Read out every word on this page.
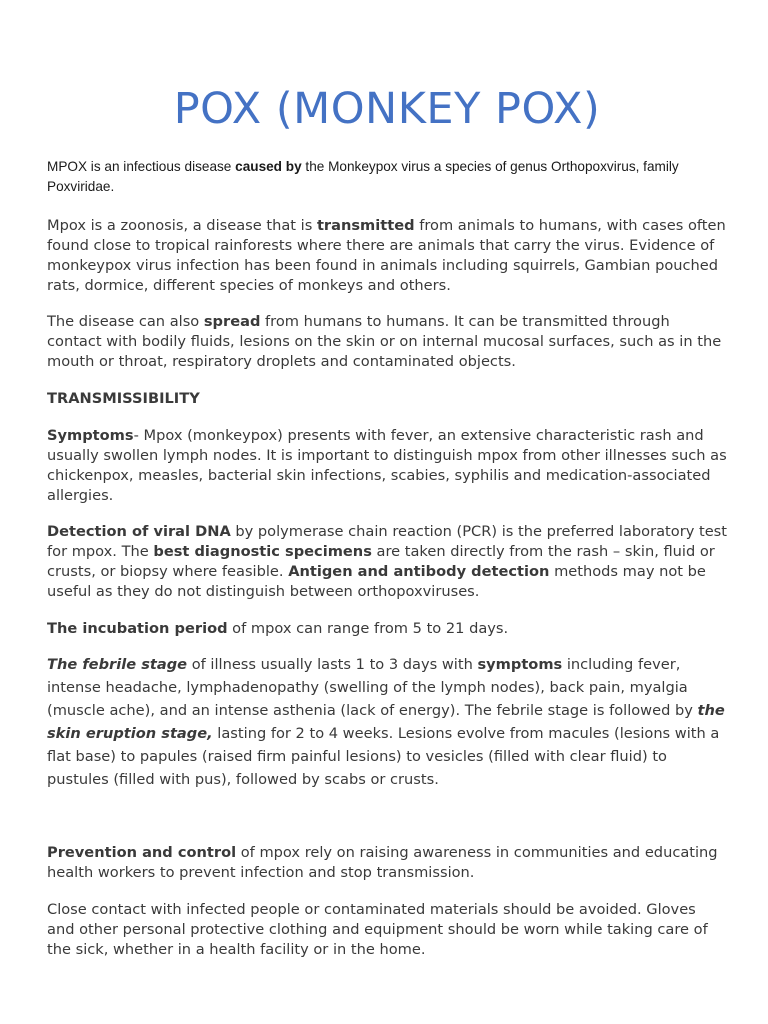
POX (MONKEY POX)

MPOX is an infectious disease caused by the Monkeypox virus a species of genus Orthopoxvirus, family Poxviridae.

Mpox is a zoonosis, a disease that is transmitted from animals to humans, with cases often found close to tropical rainforests where there are animals that carry the virus. Evidence of monkeypox virus infection has been found in animals including squirrels, Gambian pouched rats, dormice, different species of monkeys and others.

The disease can also spread from humans to humans. It can be transmitted through contact with bodily fluids, lesions on the skin or on internal mucosal surfaces, such as in the mouth or throat, respiratory droplets and contaminated objects.

TRANSMISSIBILITY

Symptoms- Mpox (monkeypox) presents with fever, an extensive characteristic rash and usually swollen lymph nodes. It is important to distinguish mpox from other illnesses such as chickenpox, measles, bacterial skin infections, scabies, syphilis and medication-associated allergies.

Detection of viral DNA by polymerase chain reaction (PCR) is the preferred laboratory test for mpox. The best diagnostic specimens are taken directly from the rash – skin, fluid or crusts, or biopsy where feasible. Antigen and antibody detection methods may not be useful as they do not distinguish between orthopoxviruses.

The incubation period of mpox can range from 5 to 21 days.

The febrile stage of illness usually lasts 1 to 3 days with symptoms including fever, intense headache, lymphadenopathy (swelling of the lymph nodes), back pain, myalgia (muscle ache), and an intense asthenia (lack of energy). The febrile stage is followed by the skin eruption stage, lasting for 2 to 4 weeks. Lesions evolve from macules (lesions with a flat base) to papules (raised firm painful lesions) to vesicles (filled with clear fluid) to pustules (filled with pus), followed by scabs or crusts.

Prevention and control of mpox rely on raising awareness in communities and educating health workers to prevent infection and stop transmission.

Close contact with infected people or contaminated materials should be avoided. Gloves and other personal protective clothing and equipment should be worn while taking care of the sick, whether in a health facility or in the home.
